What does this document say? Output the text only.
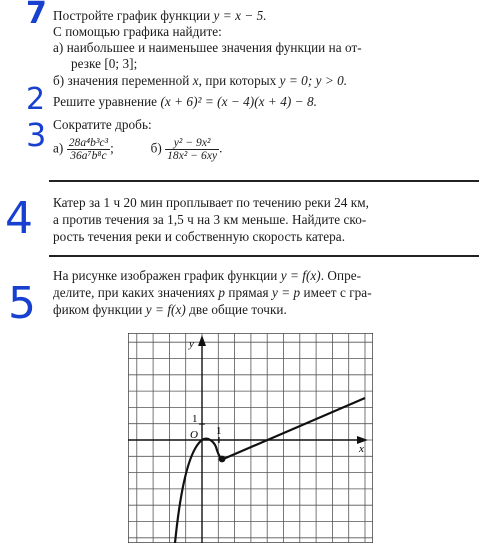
7
2
3
4
5
Постройте график функции y = x − 5.
С помощью графика найдите:
а) наибольшее и наименьшее значения функции на от-
резке [0; 3];
б) значения переменной x, при которых y = 0; y > 0.
Решите уравнение (x + 6)² = (x − 4)(x + 4) − 8.
Сократите дробь:
$а) \frac{\text{28a⁴b³c³}}{\text{36a⁷b⁸c}}$ ;	$б) \frac{\text{y² − 9x²}}{\text{18x² − 6xy}}$ .
Катер за 1 ч 20 мин проплывает по течению реки 24 км,
а против течения за 1,5 ч на 3 км меньше. Найдите ско-
рость течения реки и собственную скорость катера.
На рисунке изображен график функции y = f(x). Опре-
делите, при каких значениях p прямая y = p имеет с гра-
фиком функции y = f(x) две общие точки.
x
y
O 1
1
